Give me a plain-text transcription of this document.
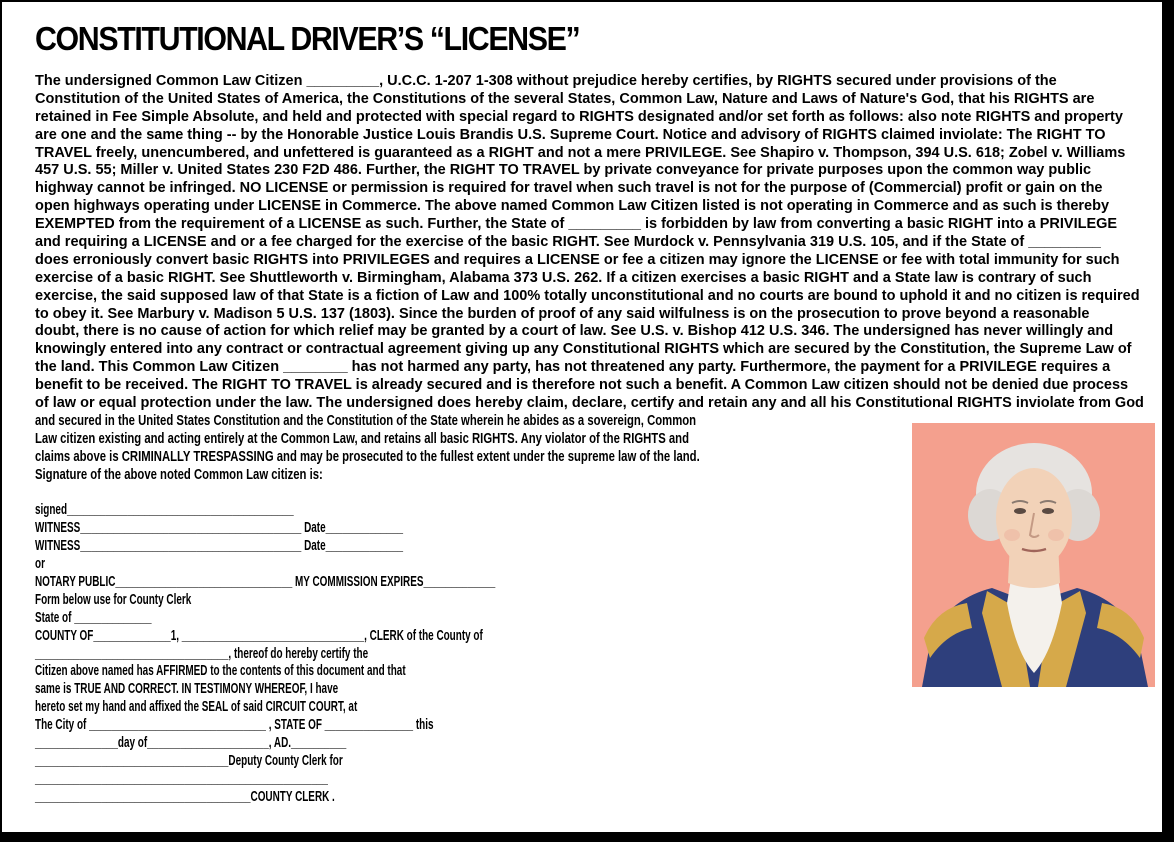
CONSTITUTIONAL DRIVER’S “LICENSE”
The undersigned Common Law Citizen _________, U.C.C. 1-207 1-308 without prejudice hereby certifies, by RIGHTS secured under provisions of the
Constitution of the United States of America, the Constitutions of the several States, Common Law, Nature and Laws of Nature's God, that his RIGHTS are
retained in Fee Simple Absolute, and held and protected with special regard to RIGHTS designated and/or set forth as follows: also note RIGHTS and property
are one and the same thing -- by the Honorable Justice Louis Brandis U.S. Supreme Court. Notice and advisory of RIGHTS claimed inviolate: The RIGHT TO
TRAVEL freely, unencumbered, and unfettered is guaranteed as a RIGHT and not a mere PRIVILEGE. See Shapiro v. Thompson, 394 U.S. 618; Zobel v. Williams
457 U.S. 55; Miller v. United States 230 F2D 486. Further, the RIGHT TO TRAVEL by private conveyance for private purposes upon the common way public
highway cannot be infringed. NO LICENSE or permission is required for travel when such travel is not for the purpose of (Commercial) profit or gain on the
open highways operating under LICENSE in Commerce. The above named Common Law Citizen listed is not operating in Commerce and as such is thereby
EXEMPTED from the requirement of a LICENSE as such. Further, the State of _________ is forbidden by law from converting a basic RIGHT into a PRIVILEGE
and requiring a LICENSE and or a fee charged for the exercise of the basic RIGHT. See Murdock v. Pennsylvania 319 U.S. 105, and if the State of _________
does erroniously convert basic RIGHTS into PRIVILEGES and requires a LICENSE or fee a citizen may ignore the LICENSE or fee with total immunity for such
exercise of a basic RIGHT. See Shuttleworth v. Birmingham, Alabama 373 U.S. 262. If a citizen exercises a basic RIGHT and a State law is contrary of such
exercise, the said supposed law of that State is a fiction of Law and 100% totally unconstitutional and no courts are bound to uphold it and no citizen is required
to obey it. See Marbury v. Madison 5 U.S. 137 (1803). Since the burden of proof of any said wilfulness is on the prosecution to prove beyond a reasonable
doubt, there is no cause of action for which relief may be granted by a court of law. See U.S. v. Bishop 412 U.S. 346. The undersigned has never willingly and
knowingly entered into any contract or contractual agreement giving up any Constitutional RIGHTS which are secured by the Constitution, the Supreme Law of
the land. This Common Law Citizen ________ has not harmed any party, has not threatened any party. Furthermore, the payment for a PRIVILEGE requires a
benefit to be received. The RIGHT TO TRAVEL is already secured and is therefore not such a benefit. A Common Law citizen should not be denied due process
of law or equal protection under the law. The undersigned does hereby claim, declare, certify and retain any and all his Constitutional RIGHTS inviolate from God
and secured in the United States Constitution and the Constitution of the State wherein he abides as a sovereign, Common
Law citizen existing and acting entirely at the Common Law, and retains all basic RIGHTS. Any violator of the RIGHTS and
claims above is CRIMINALLY TRESPASSING and may be prosecuted to the fullest extent under the supreme law of the land.
Signature of the above noted Common Law citizen is:
signed_________________________________________
WITNESS________________________________________ Date______________
WITNESS________________________________________ Date______________
or
NOTARY PUBLIC________________________________ MY COMMISSION EXPIRES_____________
Form below use for County Clerk
State of ______________
COUNTY OF______________1, _________________________________, CLERK of the County of
___________________________________, thereof do hereby certify the
Citizen above named has AFFIRMED to the contents of this document and that
same is TRUE AND CORRECT. IN TESTIMONY WHEREOF, I have
hereto set my hand and affixed the SEAL of said CIRCUIT COURT, at
The City of ________________________________ , STATE OF ________________ this
_______________day of______________________, AD.__________
___________________________________Deputy County Clerk for
_____________________________________________________
_______________________________________COUNTY CLERK .
